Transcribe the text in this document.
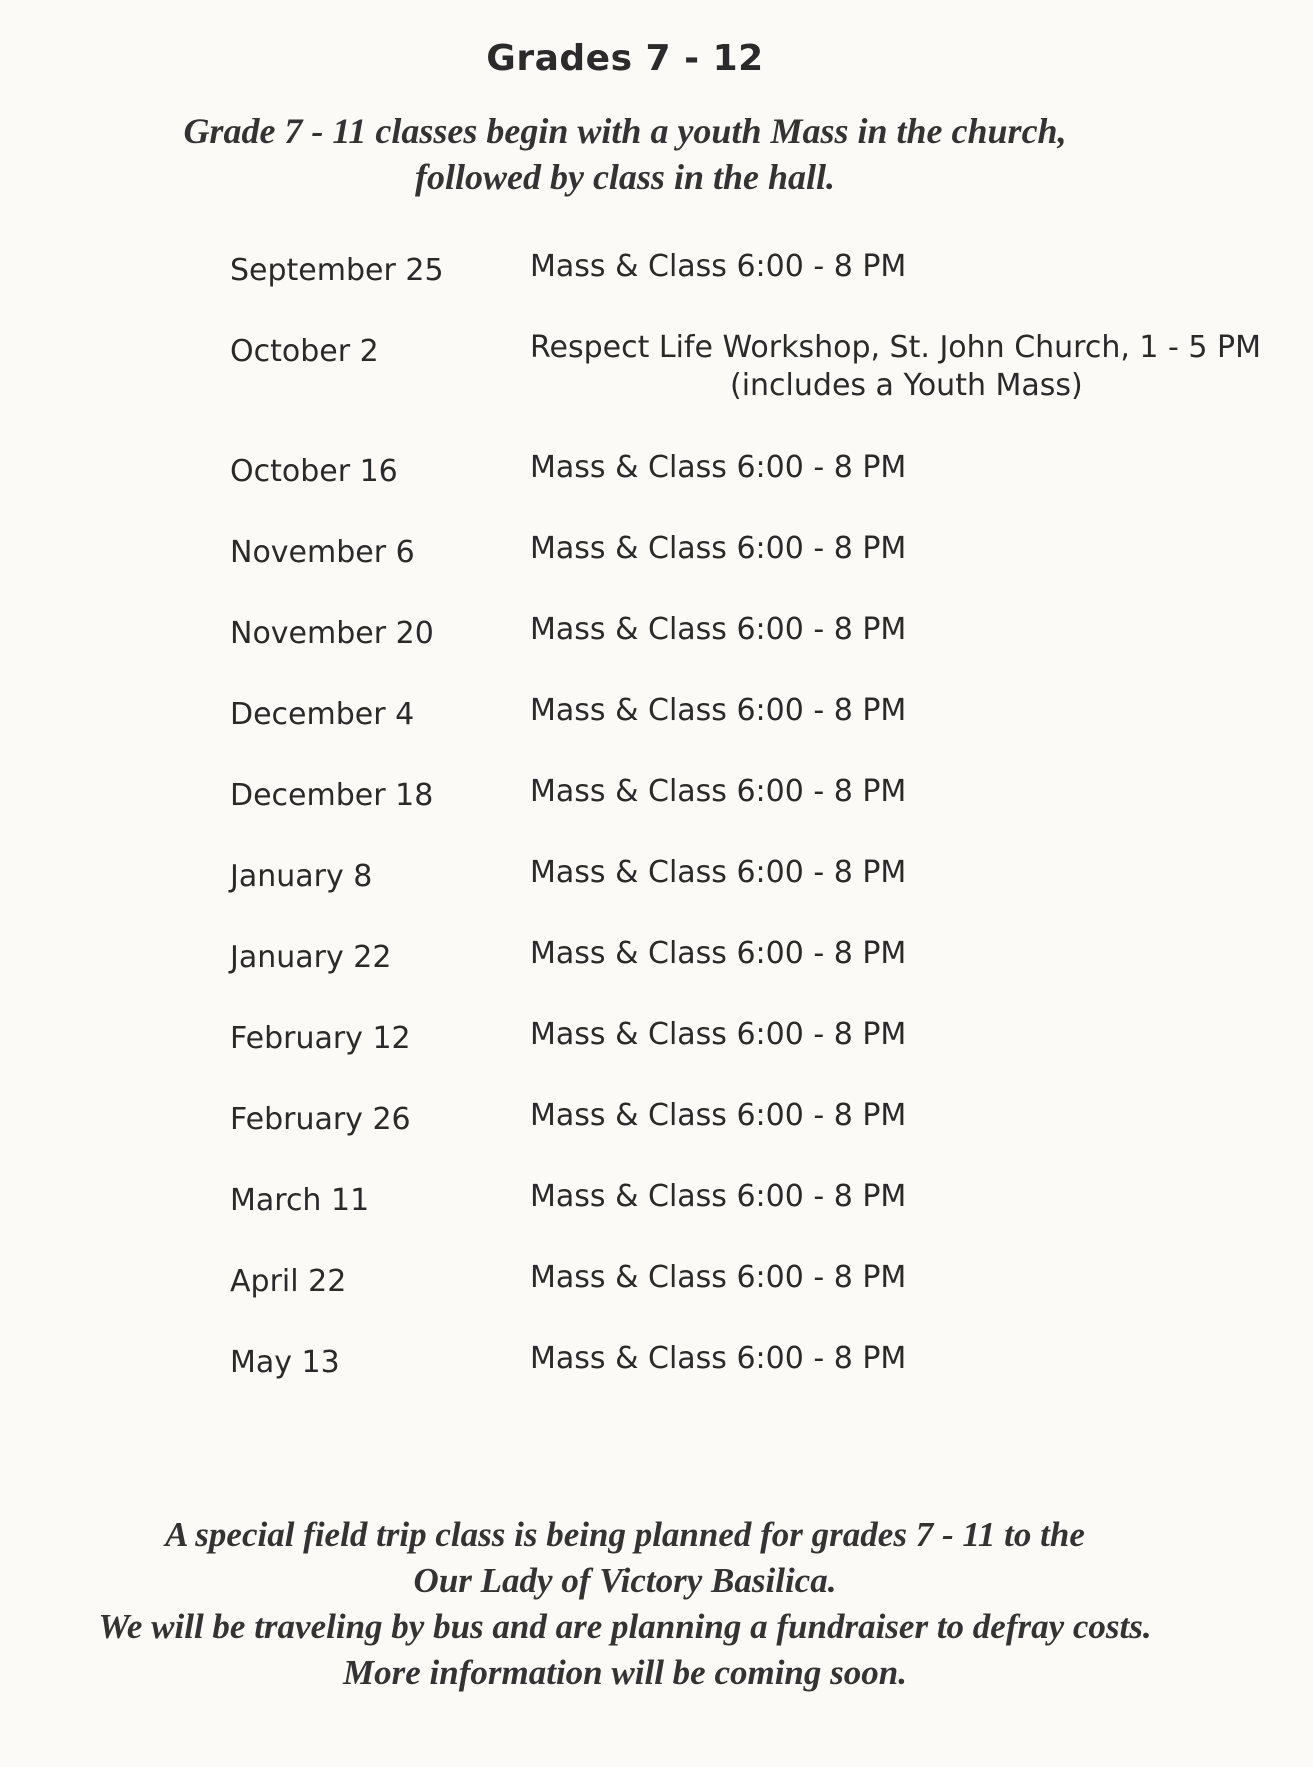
Grades 7 - 12
Grade 7 - 11 classes begin with a youth Mass in the church,
followed by class in the hall.
September 25	Mass & Class 6:00 - 8 PM
October 2	Respect Life Workshop, St. John Church, 1 - 5 PM
(includes a Youth Mass)
October 16	Mass & Class 6:00 - 8 PM
November 6	Mass & Class 6:00 - 8 PM
November 20	Mass & Class 6:00 - 8 PM
December 4	Mass & Class 6:00 - 8 PM
December 18	Mass & Class 6:00 - 8 PM
January 8	Mass & Class 6:00 - 8 PM
January 22	Mass & Class 6:00 - 8 PM
February 12	Mass & Class 6:00 - 8 PM
February 26	Mass & Class 6:00 - 8 PM
March 11	Mass & Class 6:00 - 8 PM
April 22	Mass & Class 6:00 - 8 PM
May 13	Mass & Class 6:00 - 8 PM
A special field trip class is being planned for grades 7 - 11 to the
Our Lady of Victory Basilica.
We will be traveling by bus and are planning a fundraiser to defray costs.
More information will be coming soon.
